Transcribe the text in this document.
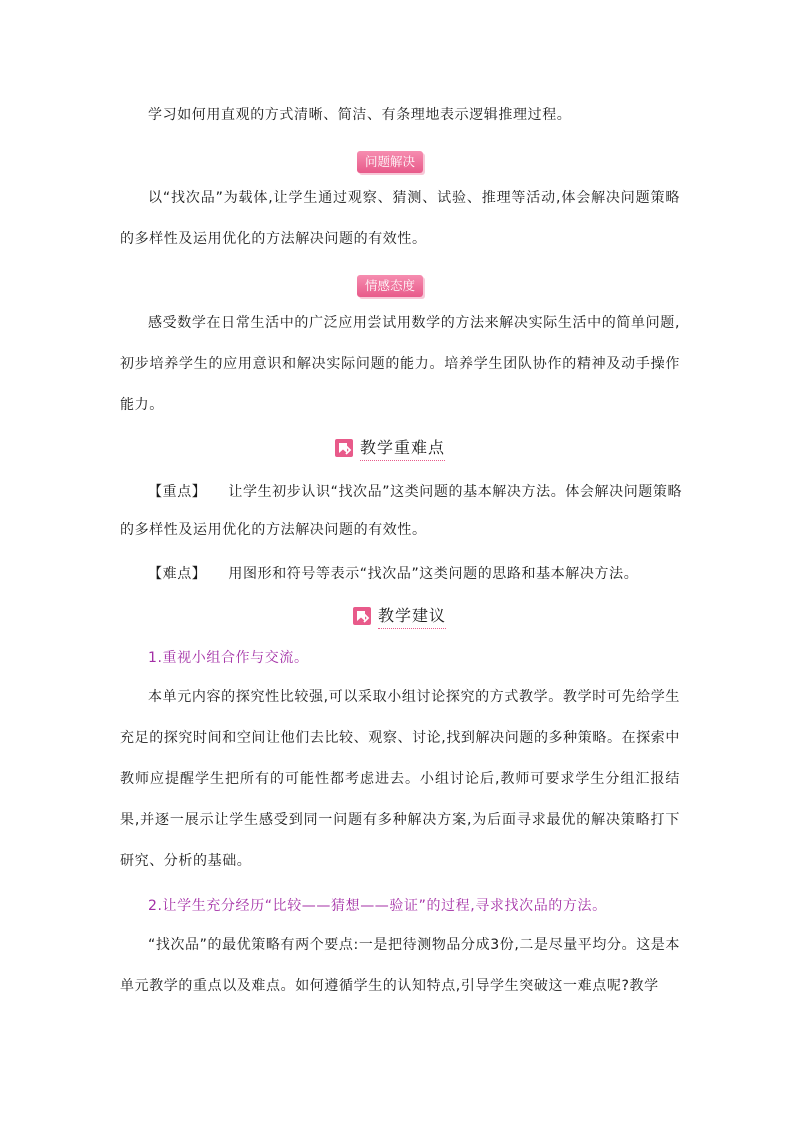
学习如何用直观的方式清晰、简洁、有条理地表示逻辑推理过程。

问题解决

以“找次品”为载体,让学生通过观察、猜测、试验、推理等活动,体会解决问题策略的多样性及运用优化的方法解决问题的有效性。

情感态度

感受数学在日常生活中的广泛应用尝试用数学的方法来解决实际生活中的简单问题,初步培养学生的应用意识和解决实际问题的能力。培养学生团队协作的精神及动手操作能力。

教学重难点
【重点】 让学生初步认识“找次品”这类问题的基本解决方法。体会解决问题策略

的多样性及运用优化的方法解决问题的有效性。

【难点】 用图形和符号等表示“找次品”这类问题的思路和基本解决方法。
教学建议

1.重视小组合作与交流。

本单元内容的探究性比较强,可以采取小组讨论探究的方式教学。教学时可先给学生充足的探究时间和空间让他们去比较、观察、讨论,找到解决问题的多种策略。在探索中教师应提醒学生把所有的可能性都考虑进去。小组讨论后,教师可要求学生分组汇报结果,并逐一展示让学生感受到同一问题有多种解决方案,为后面寻求最优的解决策略打下研究、分析的基础。

2.让学生充分经历“比较——猜想——验证”的过程,寻求找次品的方法。

“找次品”的最优策略有两个要点:一是把待测物品分成3份,二是尽量平均分。这是本单元教学的重点以及难点。如何遵循学生的认知特点,引导学生突破这一难点呢?教学
